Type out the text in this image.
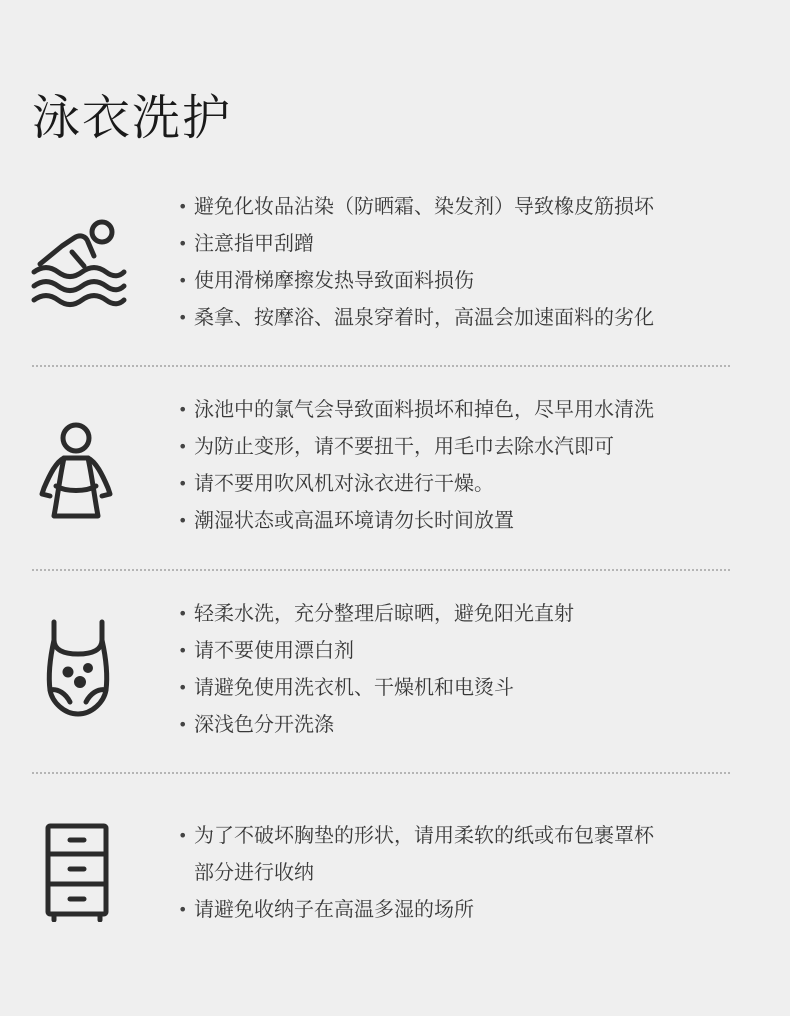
泳衣洗护
• 避免化妆品沾染（防晒霜、染发剂）导致橡皮筋损坏
• 注意指甲刮蹭
• 使用滑梯摩擦发热导致面料损伤
• 桑拿、按摩浴、温泉穿着时，高温会加速面料的劣化
• 泳池中的氯气会导致面料损坏和掉色，尽早用水清洗
• 为防止变形，请不要扭干，用毛巾去除水汽即可
• 请不要用吹风机对泳衣进行干燥。
• 潮湿状态或高温环境请勿长时间放置
• 轻柔水洗，充分整理后晾晒，避免阳光直射
• 请不要使用漂白剂
• 请避免使用洗衣机、干燥机和电烫斗
• 深浅色分开洗涤
• 为了不破坏胸垫的形状，请用柔软的纸或布包裹罩杯
部分进行收纳
• 请避免收纳子在高温多湿的场所
